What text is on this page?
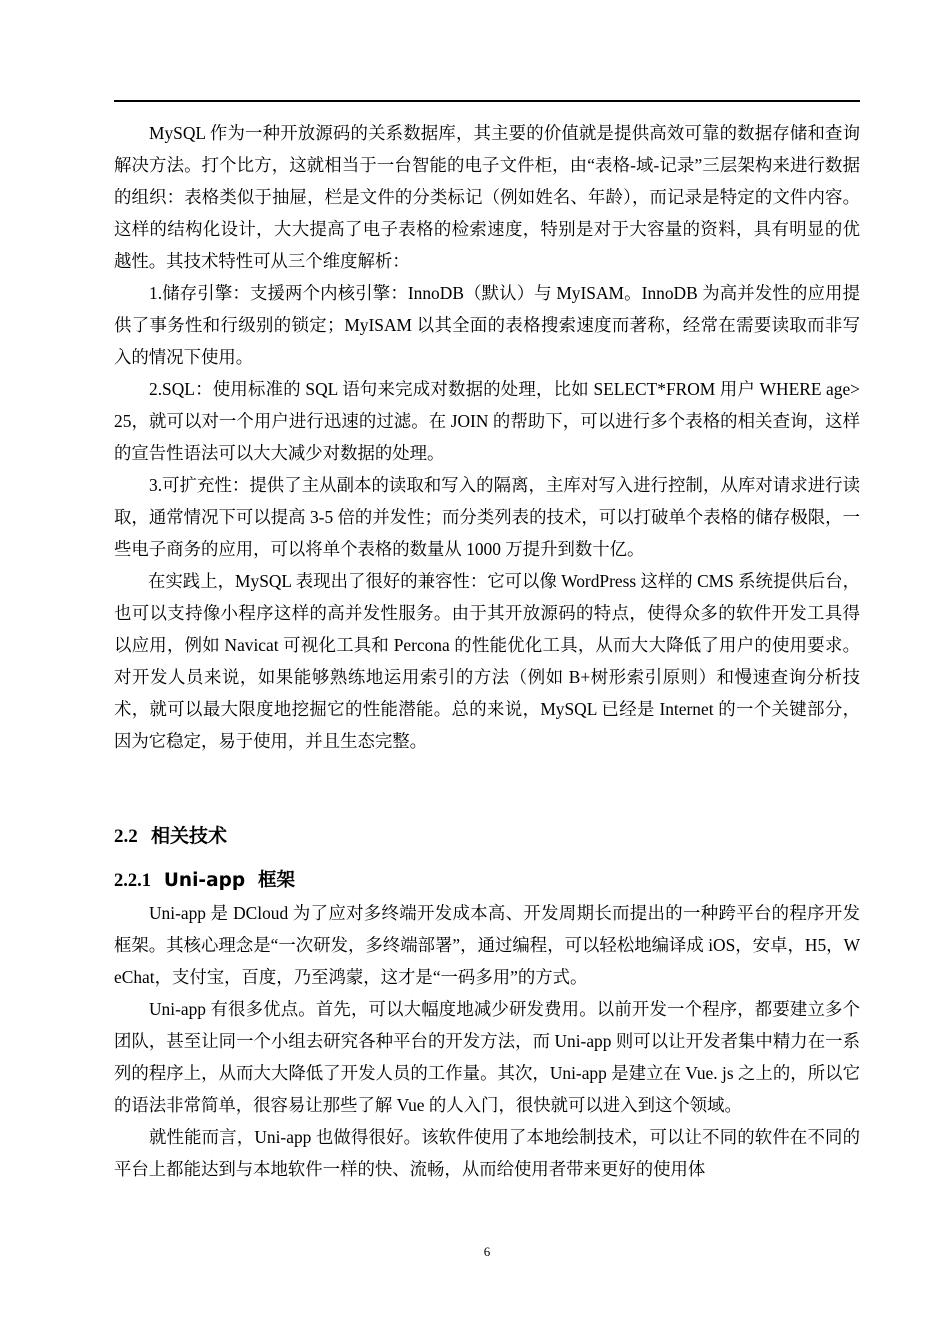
MySQL 作为一种开放源码的关系数据库，其主要的价值就是提供高效可靠的数据存储和查询解决方法。打个比方，这就相当于一台智能的电子文件柜，由“表格-域-记录”三层架构来进行数据的组织：表格类似于抽屉，栏是文件的分类标记（例如姓名、年龄），而记录是特定的文件内容。这样的结构化设计，大大提高了电子表格的检索速度，特别是对于大容量的资料，具有明显的优越性。其技术特性可从三个维度解析：

1.储存引擎：支援两个内核引擎：InnoDB（默认）与 MyISAM。InnoDB 为高并发性的应用提供了事务性和行级别的锁定；MyISAM 以其全面的表格搜索速度而著称，经常在需要读取而非写入的情况下使用。

2.SQL：使用标准的 SQL 语句来完成对数据的处理，比如 SELECT*FROM 用户 WHERE age>25，就可以对一个用户进行迅速的过滤。在 JOIN 的帮助下，可以进行多个表格的相关查询，这样的宣告性语法可以大大减少对数据的处理。

3.可扩充性：提供了主从副本的读取和写入的隔离，主库对写入进行控制，从库对请求进行读取，通常情况下可以提高 3-5 倍的并发性；而分类列表的技术，可以打破单个表格的储存极限，一些电子商务的应用，可以将单个表格的数量从 1000 万提升到数十亿。

在实践上，MySQL 表现出了很好的兼容性：它可以像 WordPress 这样的 CMS 系统提供后台，也可以支持像小程序这样的高并发性服务。由于其开放源码的特点，使得众多的软件开发工具得以应用，例如 Navicat 可视化工具和 Percona 的性能优化工具，从而大大降低了用户的使用要求。对开发人员来说，如果能够熟练地运用索引的方法（例如 B+树形索引原则）和慢速查询分析技术，就可以最大限度地挖掘它的性能潜能。总的来说，MySQL 已经是 Internet 的一个关键部分，因为它稳定，易于使用，并且生态完整。

2.2 相关技术
2.2.1 Uni-app  框架

Uni-app 是 DCloud 为了应对多终端开发成本高、开发周期长而提出的一种跨平台的程序开发框架。其核心理念是“一次研发，多终端部署”，通过编程，可以轻松地编译成 iOS，安卓，H5，WeChat，支付宝，百度，乃至鸿蒙，这才是“一码多用”的方式。

Uni-app 有很多优点。首先，可以大幅度地减少研发费用。以前开发一个程序，都要建立多个团队，甚至让同一个小组去研究各种平台的开发方法，而 Uni-app 则可以让开发者集中精力在一系列的程序上，从而大大降低了开发人员的工作量。其次，Uni-app 是建立在 Vue. js 之上的，所以它的语法非常简单，很容易让那些了解 Vue 的人入门，很快就可以进入到这个领域。

就性能而言，Uni-app 也做得很好。该软件使用了本地绘制技术，可以让不同的软件在不同的平台上都能达到与本地软件一样的快、流畅，从而给使用者带来更好的使用体

6
